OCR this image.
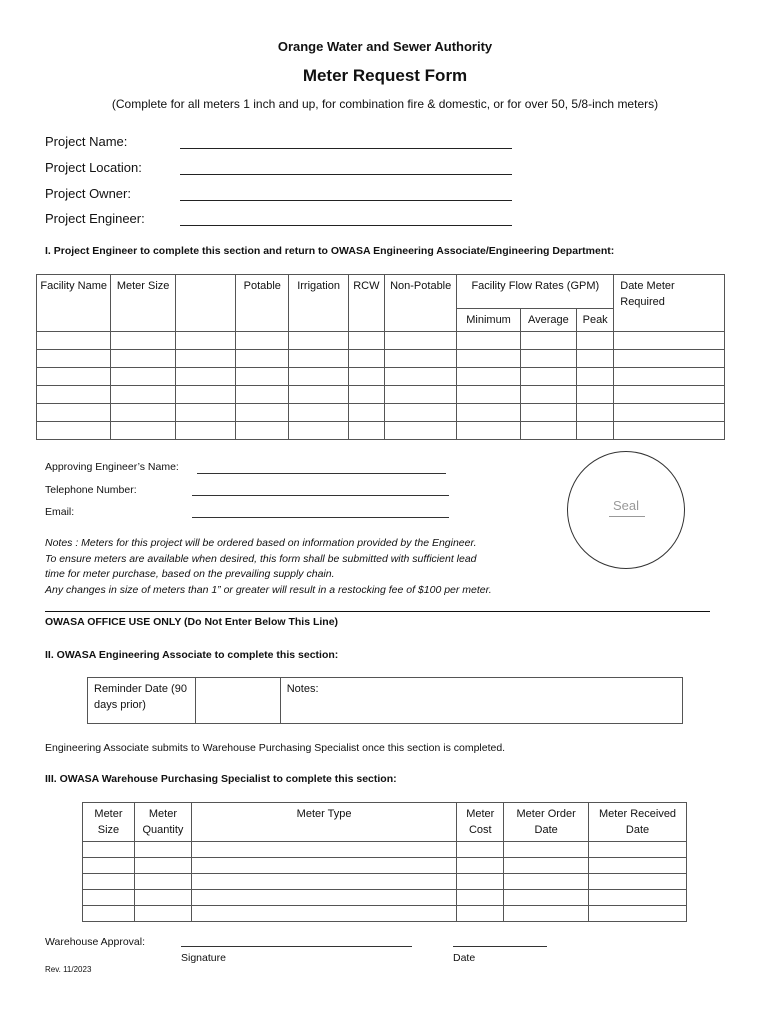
Orange Water and Sewer Authority
Meter Request Form
(Complete for all meters 1 inch and up, for combination fire & domestic, or for over 50, 5/8-inch meters)
Project Name:
Project Location:
Project Owner:
Project Engineer:
I. Project Engineer to complete this section and return to OWASA Engineering Associate/Engineering Department:
Facility Name	Meter Size		Potable	Irrigation	RCW	Non-Potable	Facility Flow Rates (GPM)			Date Meter Required
							Minimum	Average	Peak	

Approving Engineer’s Name:
Telephone Number:
Email:	Seal
Notes : Meters for this project will be ordered based on information provided by the Engineer.
To ensure meters are available when desired, this form shall be submitted with sufficient lead
time for meter purchase, based on the prevailing supply chain.
Any changes in size of meters than 1” or greater will result in a restocking fee of $100 per meter.
OWASA OFFICE USE ONLY (Do Not Enter Below This Line)
II. OWASA Engineering Associate to complete this section:
Reminder Date (90 days prior)		Notes:
Engineering Associate submits to Warehouse Purchasing Specialist once this section is completed.
III. OWASA Warehouse Purchasing Specialist to complete this section:
Meter Size	Meter Quantity	Meter Type	Meter Cost	Meter Order Date	Meter Received Date

Warehouse Approval:
Signature	Date
Rev. 11/2023
